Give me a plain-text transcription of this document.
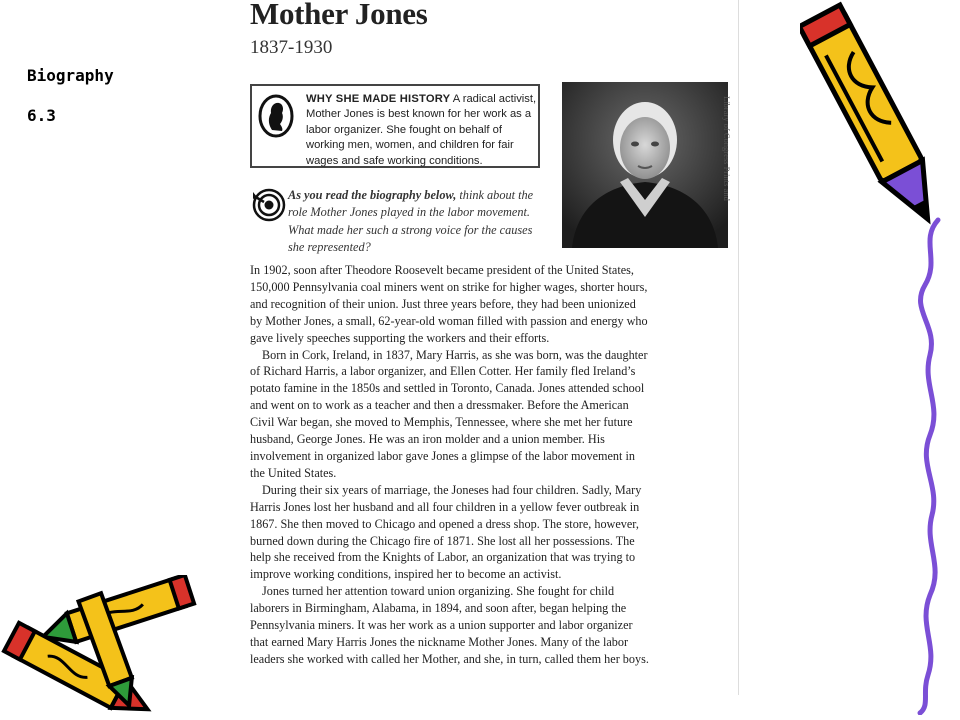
Biography
6.3
Mother Jones
1837-1930
WHY SHE MADE HISTORY A radical activist, Mother Jones is best known for her work as a labor organizer. She fought on behalf of working men, women, and children for fair wages and safe working conditions.
As you read the biography below, think about the role Mother Jones played in the labor movement. What made her such a strong voice for the causes she represented?
Library of Congress Prints and

In 1902, soon after Theodore Roosevelt became president of the United States, 150,000 Pennsylvania coal miners went on strike for higher wages, shorter hours, and recognition of their union. Just three years before, they had been unionized by Mother Jones, a small, 62-year-old woman filled with passion and energy who gave lively speeches supporting the workers and their efforts.

Born in Cork, Ireland, in 1837, Mary Harris, as she was born, was the daughter of Richard Harris, a labor organizer, and Ellen Cotter. Her family fled Ireland’s potato famine in the 1850s and settled in Toronto, Canada. Jones attended school and went on to work as a teacher and then a dressmaker. Before the American Civil War began, she moved to Memphis, Tennessee, where she met her future husband, George Jones. He was an iron molder and a union member. His involvement in organized labor gave Jones a glimpse of the labor movement in the United States.

During their six years of marriage, the Joneses had four children. Sadly, Mary Harris Jones lost her husband and all four children in a yellow fever outbreak in 1867. She then moved to Chicago and opened a dress shop. The store, however, burned down during the Chicago fire of 1871. She lost all her possessions. The help she received from the Knights of Labor, an organization that was trying to improve working conditions, inspired her to become an activist.

Jones turned her attention toward union organizing. She fought for child laborers in Birmingham, Alabama, in 1894, and soon after, began helping the Pennsylvania miners. It was her work as a union supporter and labor organizer that earned Mary Harris Jones the nickname Mother Jones. Many of the labor leaders she worked with called her Mother, and she, in turn, called them her boys.
